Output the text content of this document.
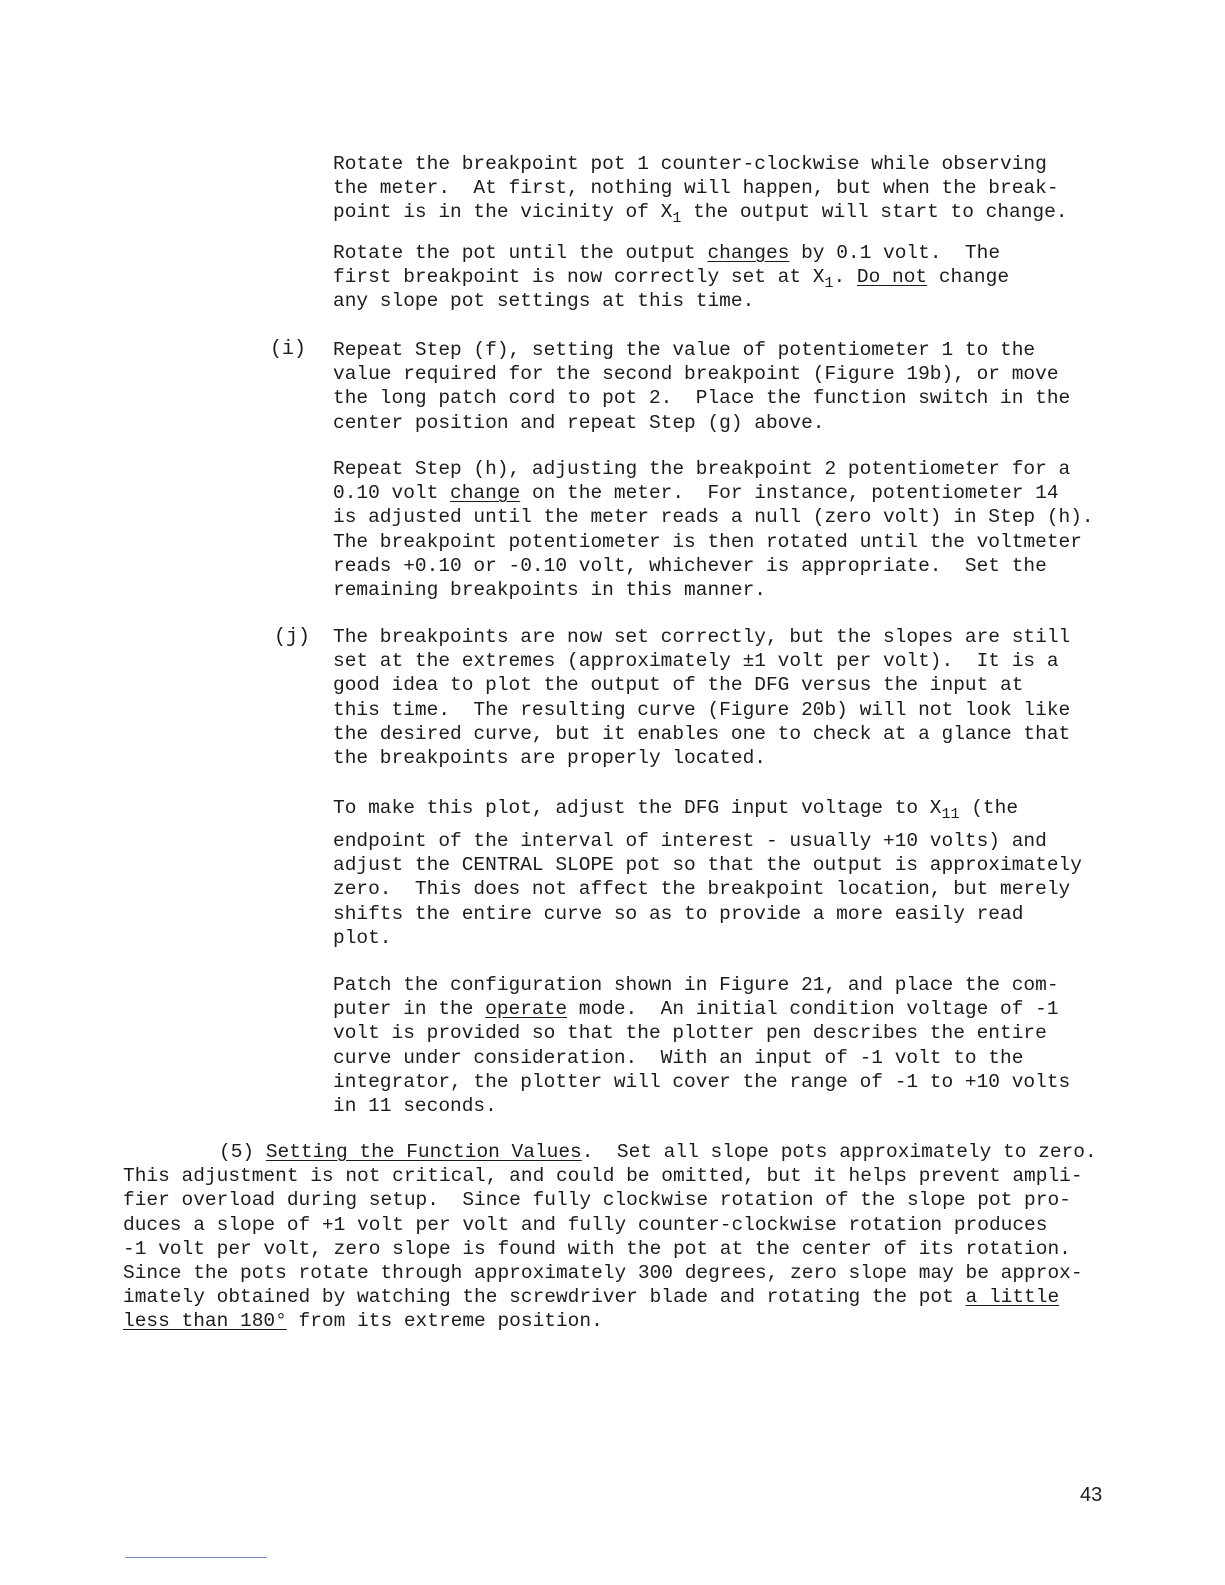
Rotate the breakpoint pot 1 counter-clockwise while observing
the meter.  At first, nothing will happen, but when the break-
point is in the vicinity of $X_1$ the output will start to change.
Rotate the pot until the output changes by 0.1 volt.  The
first breakpoint is now correctly set at $X_1$. Do not change
any slope pot settings at this time.
(i) Repeat Step (f), setting the value of potentiometer 1 to the
value required for the second breakpoint (Figure 19b), or move
the long patch cord to pot 2.  Place the function switch in the
center position and repeat Step (g) above.
Repeat Step (h), adjusting the breakpoint 2 potentiometer for a
0.10 volt change on the meter.  For instance, potentiometer 14
is adjusted until the meter reads a null (zero volt) in Step (h).
The breakpoint potentiometer is then rotated until the voltmeter
reads +0.10 or -0.10 volt, whichever is appropriate.  Set the
remaining breakpoints in this manner.
(j) The breakpoints are now set correctly, but the slopes are still
set at the extremes (approximately ±1 volt per volt).  It is a
good idea to plot the output of the DFG versus the input at
this time.  The resulting curve (Figure 20b) will not look like
the desired curve, but it enables one to check at a glance that
the breakpoints are properly located.
To make this plot, adjust the DFG input voltage to $X_{11}$ (the
endpoint of the interval of interest - usually +10 volts) and
adjust the CENTRAL SLOPE pot so that the output is approximately
zero.  This does not affect the breakpoint location, but merely
shifts the entire curve so as to provide a more easily read
plot.
Patch the configuration shown in Figure 21, and place the com-
puter in the operate mode.  An initial condition voltage of -1
volt is provided so that the plotter pen describes the entire
curve under consideration.  With an input of -1 volt to the
integrator, the plotter will cover the range of -1 to +10 volts
in 11 seconds.
(5) Setting the Function Values.  Set all slope pots approximately to zero.
This adjustment is not critical, and could be omitted, but it helps prevent ampli-
fier overload during setup.  Since fully clockwise rotation of the slope pot pro-
duces a slope of +1 volt per volt and fully counter-clockwise rotation produces
-1 volt per volt, zero slope is found with the pot at the center of its rotation.
Since the pots rotate through approximately 300 degrees, zero slope may be approx-
imately obtained by watching the screwdriver blade and rotating the pot a little
less than 180° from its extreme position.
43
